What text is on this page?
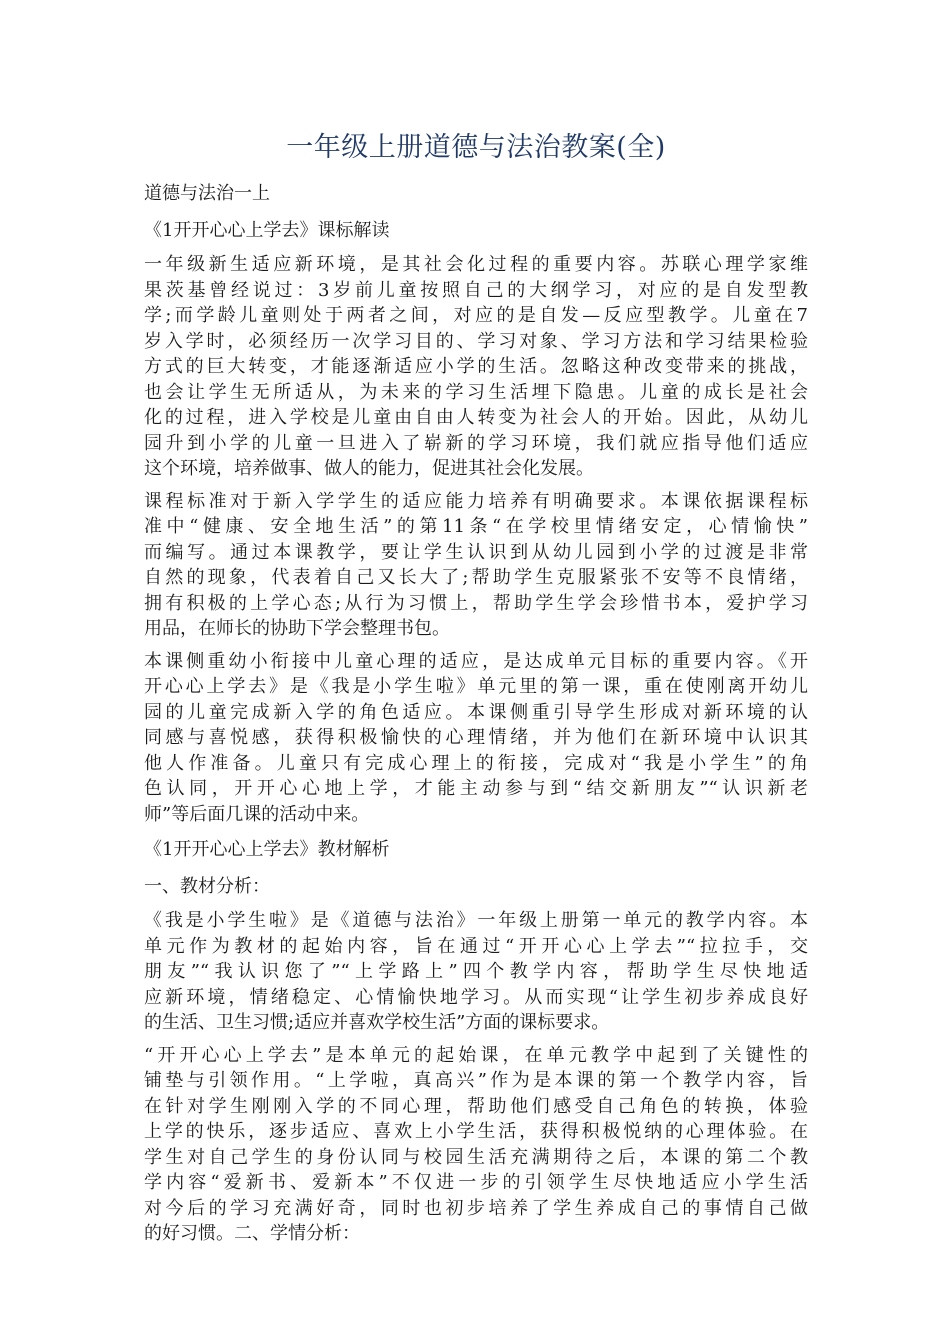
一年级上册道德与法治教案(全)

道德与法治一上

《1开开心心上学去》课标解读

一年级新生适应新环境，是其社会化过程的重要内容。苏联心理学家维
果茨基曾经说过：3岁前儿童按照自己的大纲学习，对应的是自发型教
学;而学龄儿童则处于两者之间，对应的是自发—反应型教学。儿童在7
岁入学时，必须经历一次学习目的、学习对象、学习方法和学习结果检验
方式的巨大转变，才能逐渐适应小学的生活。忽略这种改变带来的挑战，
也会让学生无所适从，为未来的学习生活埋下隐患。儿童的成长是社会
化的过程，进入学校是儿童由自由人转变为社会人的开始。因此，从幼儿
园升到小学的儿童一旦进入了崭新的学习环境，我们就应指导他们适应
这个环境，培养做事、做人的能力，促进其社会化发展。

课程标准对于新入学学生的适应能力培养有明确要求。本课依据课程标
准中“健康、安全地生活”的第11条“在学校里情绪安定，心情愉快”
而编写。通过本课教学，要让学生认识到从幼儿园到小学的过渡是非常
自然的现象，代表着自己又长大了;帮助学生克服紧张不安等不良情绪，
拥有积极的上学心态;从行为习惯上，帮助学生学会珍惜书本，爱护学习
用品，在师长的协助下学会整理书包。

本课侧重幼小衔接中儿童心理的适应，是达成单元目标的重要内容。《开
开心心上学去》是《我是小学生啦》单元里的第一课，重在使刚离开幼儿
园的儿童完成新入学的角色适应。本课侧重引导学生形成对新环境的认
同感与喜悦感，获得积极愉快的心理情绪，并为他们在新环境中认识其
他人作准备。儿童只有完成心理上的衔接，完成对“我是小学生”的角
色认同，开开心心地上学，才能主动参与到“结交新朋友”“认识新老
师”等后面几课的活动中来。

《1开开心心上学去》教材解析

一、教材分析：

《我是小学生啦》是《道德与法治》一年级上册第一单元的教学内容。本
单元作为教材的起始内容，旨在通过“开开心心上学去”“拉拉手，交
朋友”“我认识您了”“上学路上”四个教学内容，帮助学生尽快地适
应新环境，情绪稳定、心情愉快地学习。从而实现“让学生初步养成良好
的生活、卫生习惯;适应并喜欢学校生活”方面的课标要求。

“开开心心上学去”是本单元的起始课，在单元教学中起到了关键性的
铺垫与引领作用。“上学啦，真高兴”作为是本课的第一个教学内容，旨
在针对学生刚刚入学的不同心理，帮助他们感受自己角色的转换，体验
上学的快乐，逐步适应、喜欢上小学生活，获得积极悦纳的心理体验。在
学生对自己学生的身份认同与校园生活充满期待之后，本课的第二个教
学内容“爱新书、爱新本”不仅进一步的引领学生尽快地适应小学生活
对今后的学习充满好奇，同时也初步培养了学生养成自己的事情自己做
的好习惯。二、学情分析：
